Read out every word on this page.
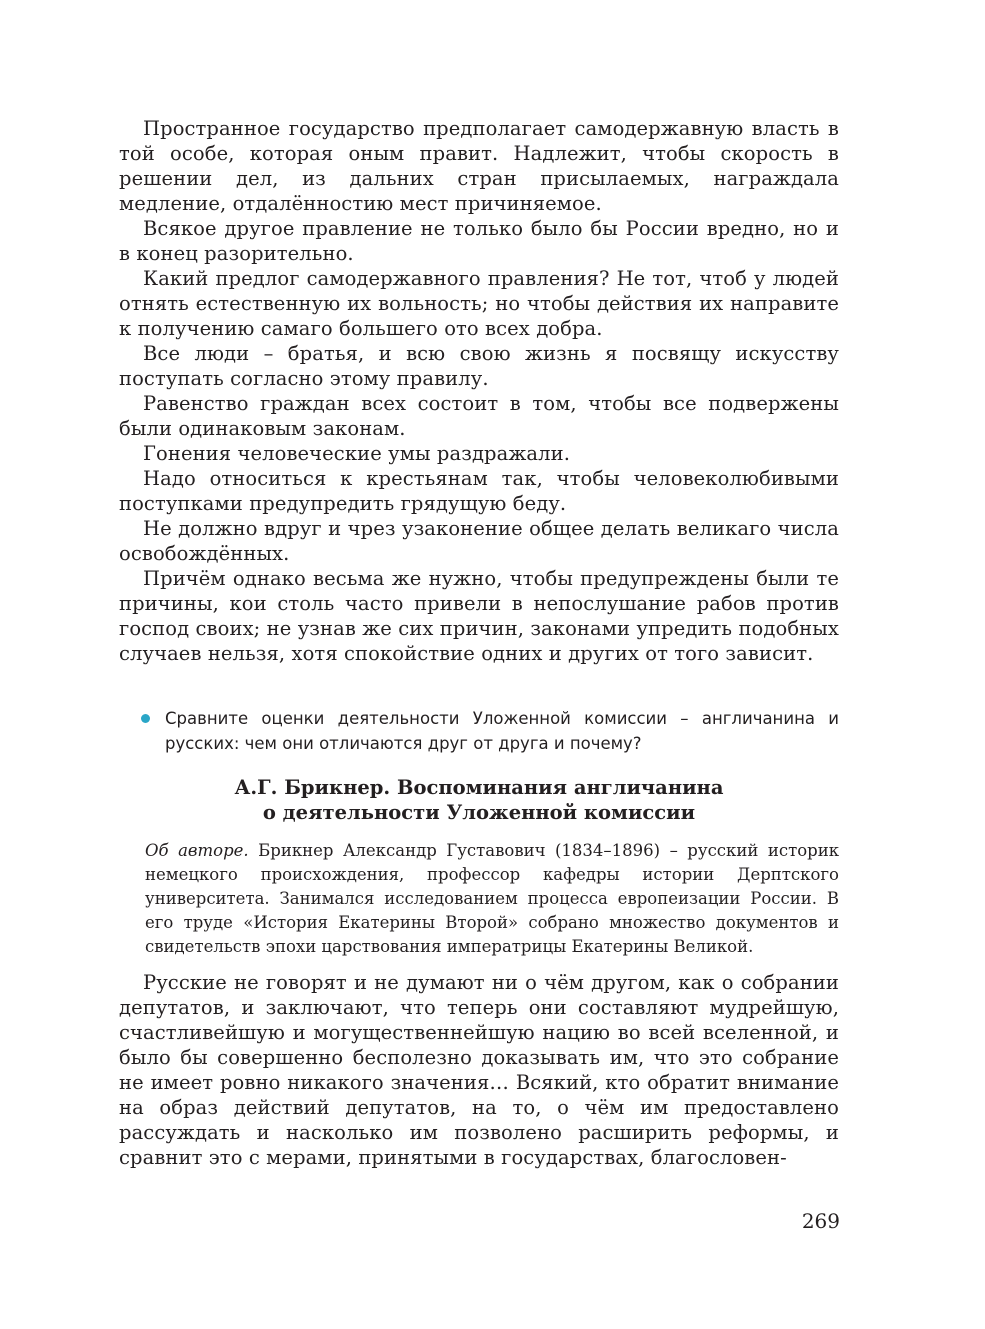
Пространное государство предполагает самодержавную власть в той особе, которая оным правит. Надлежит, чтобы скорость в решении дел, из дальних стран присылаемых, награждала медление, отдалённостию мест причиняемое.

Всякое другое правление не только было бы России вредно, но и в конец разорительно.

Какий предлог самодержавного правления? Не тот, чтоб у людей отнять естественную их вольность; но чтобы действия их направите к получению самаго большего ото всех добра.

Все люди – братья, и всю свою жизнь я посвящу искусству поступать согласно этому правилу.

Равенство граждан всех состоит в том, чтобы все подвержены были одинаковым законам.

Гонения человеческие умы раздражали.

Надо относиться к крестьянам так, чтобы человеколюбивыми поступками предупредить грядущую беду.

Не должно вдруг и чрез узаконение общее делать великаго числа освобождённых.

Причём однако весьма же нужно, чтобы предупреждены были те причины, кои столь часто привели в непослушание рабов против господ своих; не узнав же сих причин, законами упредить подобных случаев нельзя, хотя спокойствие одних и других от того зависит.

Сравните оценки деятельности Уложенной комиссии – англичанина и русских: чем они отличаются друг от друга и почему?
А.Г. Брикнер. Воспоминания англичанина
о деятельности Уложенной комиссии
Об авторе. Брикнер Александр Густавович (1834–1896) – русский историк немецкого происхождения, профессор кафедры истории Дерптского университета. Занимался исследованием процесса европеизации России. В его труде «История Екатерины Второй» собрано множество документов и свидетельств эпохи царствования императрицы Екатерины Великой.

Русские не говорят и не думают ни о чём другом, как о собрании депутатов, и заключают, что теперь они составляют мудрейшую, счастливейшую и могущественнейшую нацию во всей вселенной, и было бы совершенно бесполезно доказывать им, что это собрание не имеет ровно никакого значения… Всякий, кто обратит внимание на образ действий депутатов, на то, о чём им предоставлено рассуждать и насколько им позволено расширить реформы, и сравнит это с мерами, принятыми в государствах, благословен-

269
